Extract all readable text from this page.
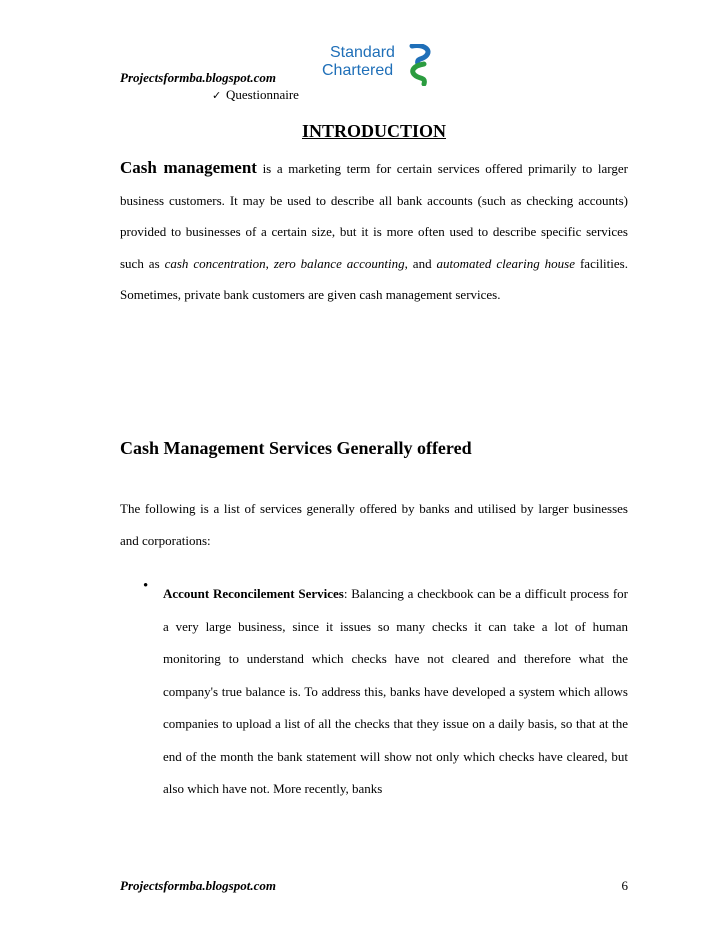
Projectsformba.blogspot.com
Standard
Chartered
✓ Questionnaire
INTRODUCTION
Cash management is a marketing term for certain services offered primarily to larger business customers. It may be used to describe all bank accounts (such as checking accounts) provided to businesses of a certain size, but it is more often used to describe specific services such as cash concentration, zero balance accounting, and automated clearing house facilities. Sometimes, private bank customers are given cash management services.
Cash Management Services Generally offered
The following is a list of services generally offered by banks and utilised by larger businesses and corporations:
• Account Reconcilement Services: Balancing a checkbook can be a difficult process for a very large business, since it issues so many checks it can take a lot of human monitoring to understand which checks have not cleared and therefore what the company's true balance is. To address this, banks have developed a system which allows companies to upload a list of all the checks that they issue on a daily basis, so that at the end of the month the bank statement will show not only which checks have cleared, but also which have not. More recently, banks
Projectsformba.blogspot.com	6
